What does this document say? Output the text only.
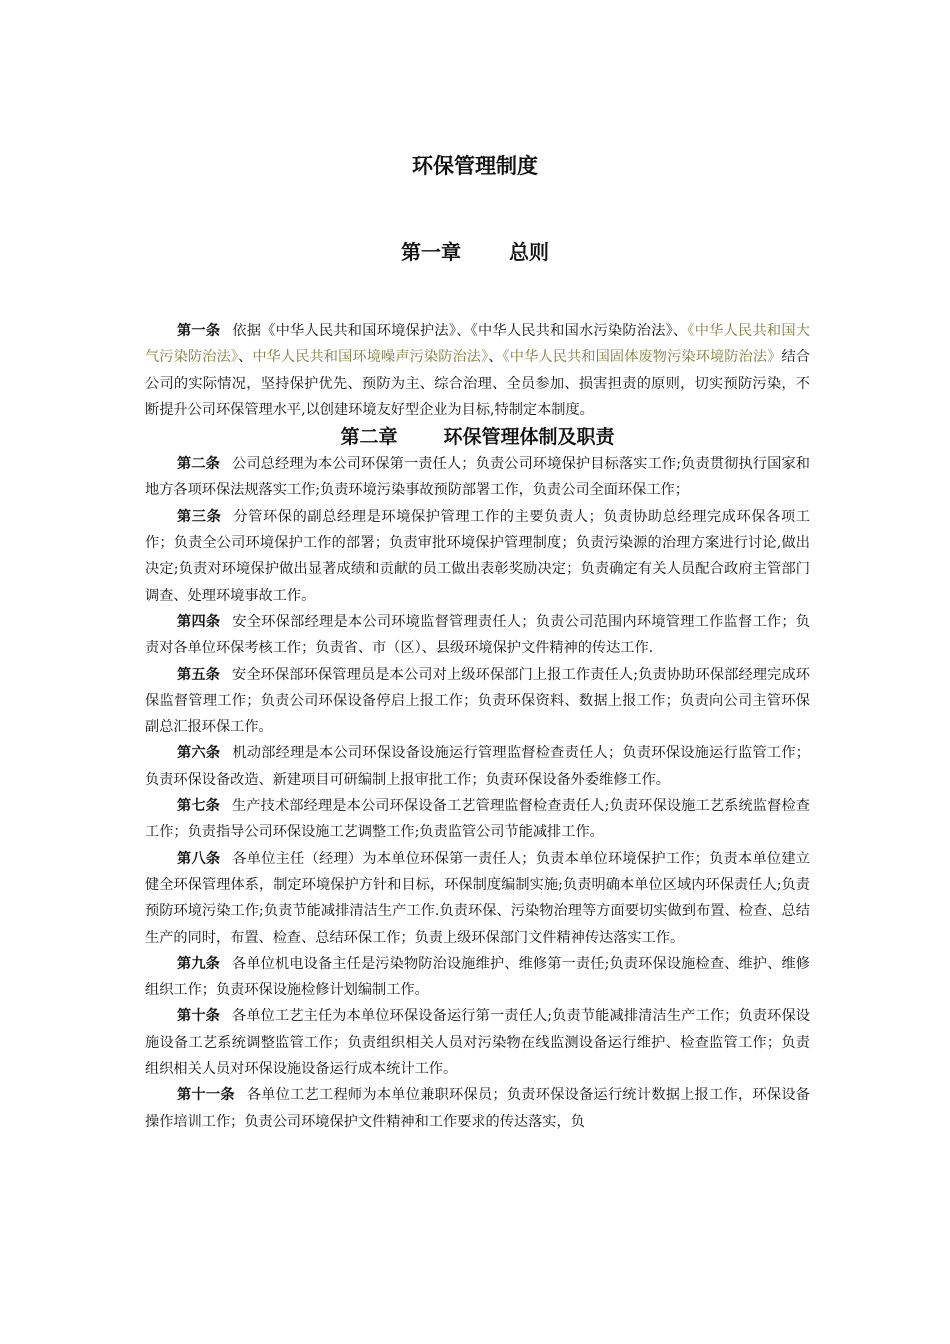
环保管理制度
第一章 总则

第一条 依据《中华人民共和国环境保护法》、《中华人民共和国水污染防治法》、《中华人民共和国大气污染防治法》、中华人民共和国环境噪声污染防治法》、《中华人民共和国固体废物污染环境防治法》结合公司的实际情况，坚持保护优先、预防为主、综合治理、全员参加、损害担责的原则，切实预防污染，不断提升公司环保管理水平,以创建环境友好型企业为目标,特制定本制度。

第二章 环保管理体制及职责

第二条 公司总经理为本公司环保第一责任人；负责公司环境保护目标落实工作;负责贯彻执行国家和地方各项环保法规落实工作;负责环境污染事故预防部署工作，负责公司全面环保工作；

第三条 分管环保的副总经理是环境保护管理工作的主要负责人；负责协助总经理完成环保各项工作；负责全公司环境保护工作的部署；负责审批环境保护管理制度；负责污染源的治理方案进行讨论,做出决定;负责对环境保护做出显著成绩和贡献的员工做出表彰奖励决定；负责确定有关人员配合政府主管部门调查、处理环境事故工作。

第四条 安全环保部经理是本公司环境监督管理责任人；负责公司范围内环境管理工作监督工作；负责对各单位环保考核工作；负责省、市（区）、县级环境保护文件精神的传达工作.

第五条 安全环保部环保管理员是本公司对上级环保部门上报工作责任人;负责协助环保部经理完成环保监督管理工作；负责公司环保设备停启上报工作；负责环保资料、数据上报工作；负责向公司主管环保副总汇报环保工作。

第六条 机动部经理是本公司环保设备设施运行管理监督检查责任人；负责环保设施运行监管工作；负责环保设备改造、新建项目可研编制上报审批工作；负责环保设备外委维修工作。

第七条 生产技术部经理是本公司环保设备工艺管理监督检查责任人;负责环保设施工艺系统监督检查工作；负责指导公司环保设施工艺调整工作;负责监管公司节能减排工作。

第八条 各单位主任（经理）为本单位环保第一责任人；负责本单位环境保护工作；负责本单位建立健全环保管理体系，制定环境保护方针和目标，环保制度编制实施;负责明确本单位区域内环保责任人;负责预防环境污染工作;负责节能减排清洁生产工作.负责环保、污染物治理等方面要切实做到布置、检查、总结生产的同时，布置、检查、总结环保工作；负责上级环保部门文件精神传达落实工作。

第九条 各单位机电设备主任是污染物防治设施维护、维修第一责任;负责环保设施检查、维护、维修组织工作；负责环保设施检修计划编制工作。

第十条 各单位工艺主任为本单位环保设备运行第一责任人;负责节能减排清洁生产工作；负责环保设施设备工艺系统调整监管工作；负责组织相关人员对污染物在线监测设备运行维护、检查监管工作；负责组织相关人员对环保设施设备运行成本统计工作。

第十一条 各单位工艺工程师为本单位兼职环保员；负责环保设备运行统计数据上报工作，环保设备操作培训工作；负责公司环境保护文件精神和工作要求的传达落实，负
